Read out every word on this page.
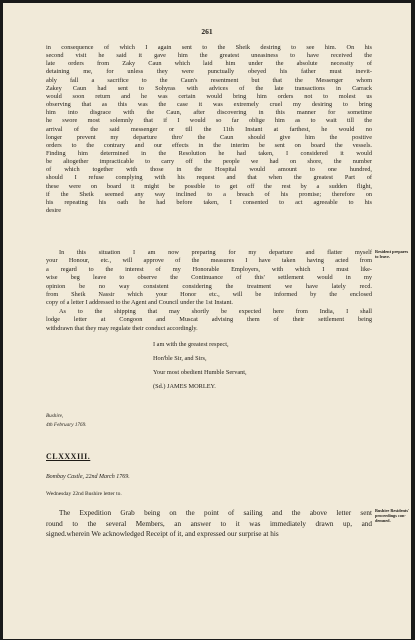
261
in consequence of which I again sent to the Sheik desiring to see him. On his
second visit he said it gave him the greatest uneasiness to have received the
late orders from Zaky Caun which laid him under the absolute necessity of
detaining me, for unless they were punctually obeyed his father must inevit-
ably fall a sacrifice to the Caun's resentment but that the Messenger whom
Zakey Caun had sent to Sohyras with advices of the late transactions in Carrack
would soon return and he was certain would bring him orders not to molest us
observing that as this was the case it was extremely cruel my desiring to bring
him into disgrace with the Caun, after discovering in this manner for sometime
he swore most solemnly that if I would so far oblige him as to wait till the
arrival of the said messenger or till the 11th Instant at farthest, he would no
longer prevent my departure thro' the Caun should give him the positive
orders to the contrary and our effects in the interim be sent on board the vessels.
Finding him determined in the Resolution he had taken, I considered it would
be altogether impracticable to carry off the people we had on shore, the number
of which together with those in the Hospital would amount to one hundred,
should I refuse complying with his request and that when the greatest Part of
these were on board it might be possible to get off the rest by a sudden flight,
if the Sheik seemed any way inclined to a breach of his promise; therefore on
his repeating his oath he had before taken, I consented to act agreeable to his
desire
In this situation I am now preparing for my departure and flatter myself
your Honour, etc., will approve of the measures I have taken having acted from
a regard to the interest of my Honorable Employers, with which I must like-
wise beg leave to observe the Continuance of this' settlement would in my
opinion be no way consistent considering the treatment we have lately recd.
from Sheik Nassir which your Honor etc., will be informed by the enclosed
copy of a letter I addressed to the Agent and Council under the 1st Instant.
Resident prepares
to leave.
As to the shipping that may shortly be expected here from India, I shall
lodge letter at Congoon and Muscat advising them of their settlement being
withdrawn that they may regulate their conduct accordingly.
I am with the greatest respect,
Hon'ble Sir, and Sirs,
Your most obedient Humble Servant,
(Sd.) JAMES MORLEY.
Bushire,
4th February 1769.
CLXXXIII.
Bombay Castle, 22nd March 1769.
Wednesday 22nd Bushire letter to.
The Expedition Grab being on the point of sailing and the above letter sent
round to the several Members, an answer to it was immediately drawn up, and
signed.wherein We acknowledged Receipt of it, and expressed our surprise at his
Bushire Residents'
proceedings con-
demned.
